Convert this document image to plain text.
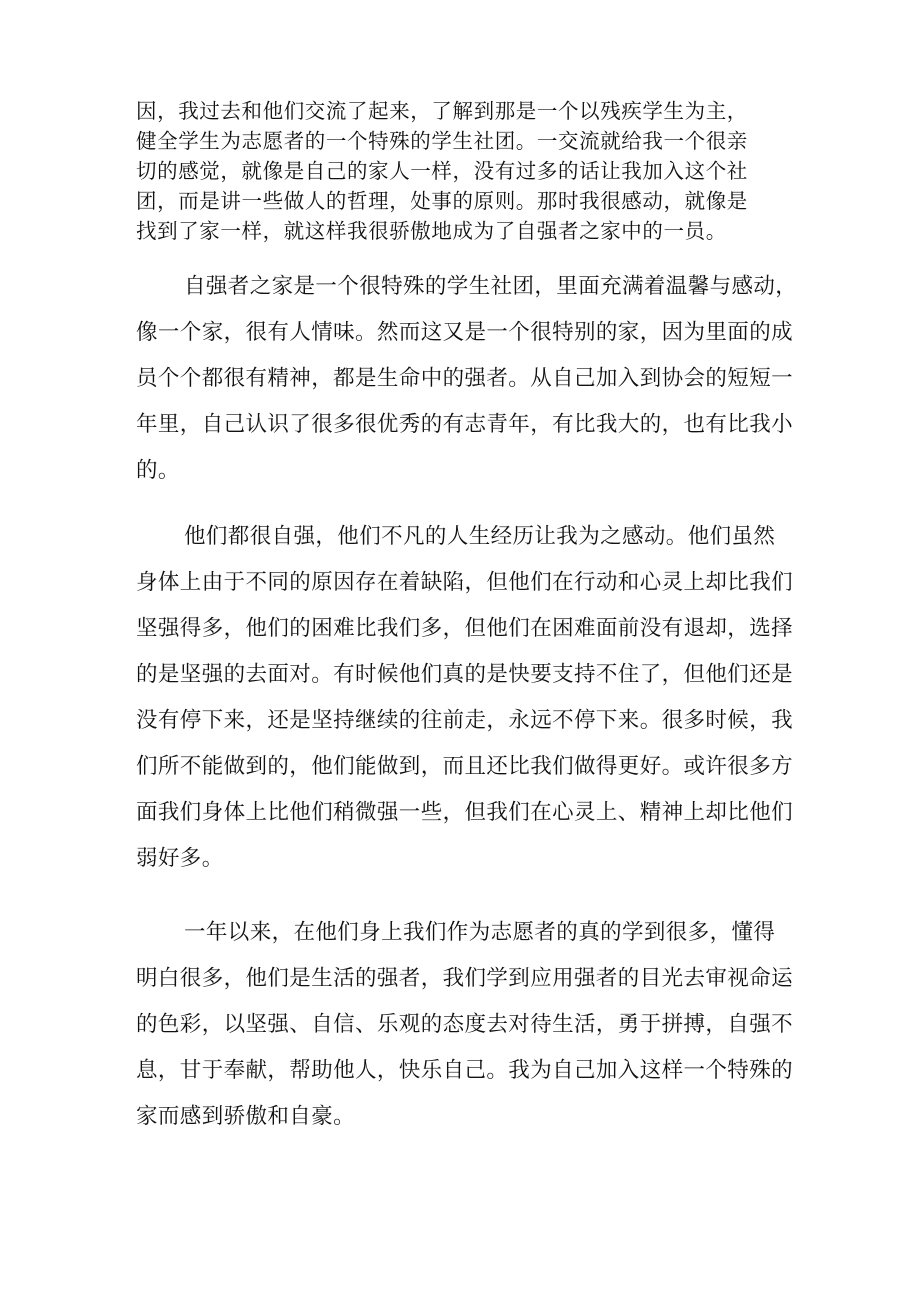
因，我过去和他们交流了起来，了解到那是一个以残疾学生为主，
健全学生为志愿者的一个特殊的学生社团。一交流就给我一个很亲
切的感觉，就像是自己的家人一样，没有过多的话让我加入这个社
团，而是讲一些做人的哲理，处事的原则。那时我很感动，就像是
找到了家一样，就这样我很骄傲地成为了自强者之家中的一员。
自强者之家是一个很特殊的学生社团，里面充满着温馨与感动，
像一个家，很有人情味。然而这又是一个很特别的家，因为里面的成
员个个都很有精神，都是生命中的强者。从自己加入到协会的短短一
年里，自己认识了很多很优秀的有志青年，有比我大的，也有比我小
的。
他们都很自强，他们不凡的人生经历让我为之感动。他们虽然
身体上由于不同的原因存在着缺陷，但他们在行动和心灵上却比我们
坚强得多，他们的困难比我们多，但他们在困难面前没有退却，选择
的是坚强的去面对。有时候他们真的是快要支持不住了，但他们还是
没有停下来，还是坚持继续的往前走，永远不停下来。很多时候，我
们所不能做到的，他们能做到，而且还比我们做得更好。或许很多方
面我们身体上比他们稍微强一些，但我们在心灵上、精神上却比他们
弱好多。
一年以来，在他们身上我们作为志愿者的真的学到很多，懂得
明白很多，他们是生活的强者，我们学到应用强者的目光去审视命运
的色彩，以坚强、自信、乐观的态度去对待生活，勇于拼搏，自强不
息，甘于奉献，帮助他人，快乐自己。我为自己加入这样一个特殊的
家而感到骄傲和自豪。
